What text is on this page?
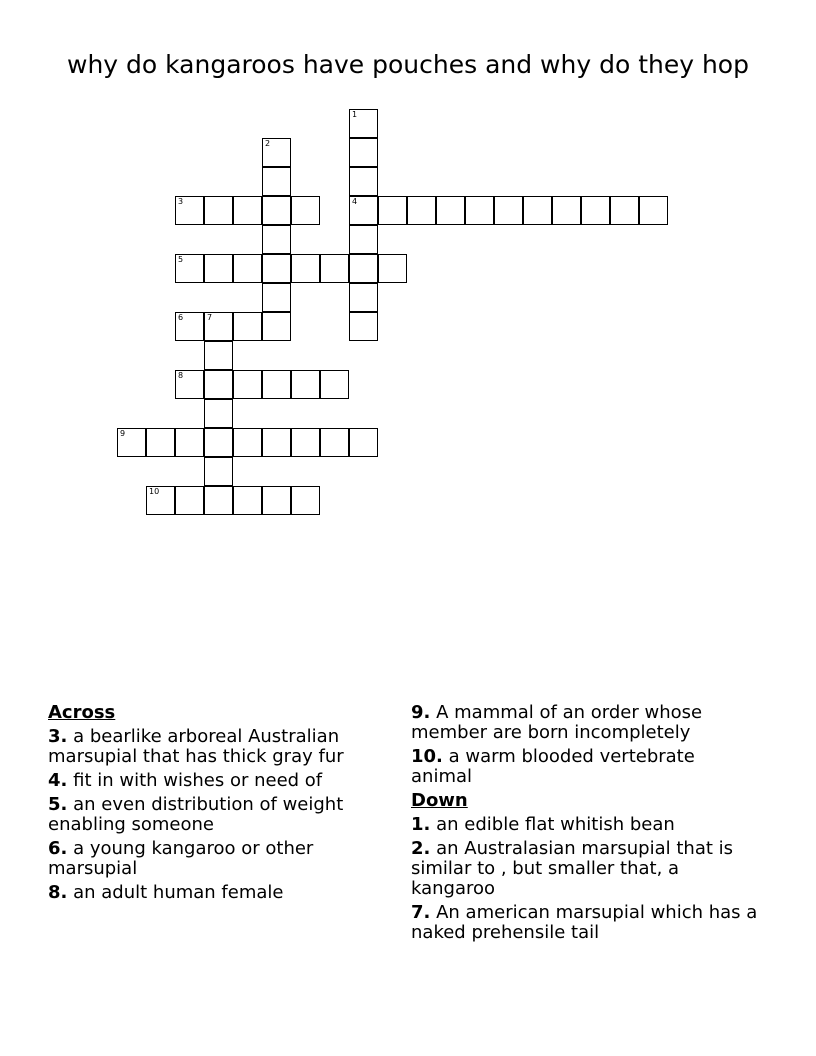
why do kangaroos have pouches and why do they hop
1
4
2
3
5
6	7
8
9
10
Across
3. a bearlike arboreal Australian marsupial that has thick gray fur
4. fit in with wishes or need of
5. an even distribution of weight enabling someone
6. a young kangaroo or other marsupial
8. an adult human female
9. A mammal of an order whose member are born incompletely
10. a warm blooded vertebrate animal
Down
1. an edible flat whitish bean
2. an Australasian marsupial that is similar to , but smaller that, a kangaroo
7. An american marsupial which has a naked prehensile tail
